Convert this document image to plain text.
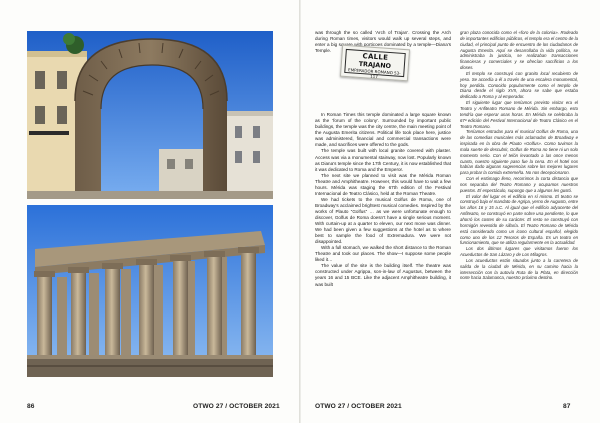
86	OTWO 27 / OCTOBER 2021

was through the so called ‘Arch of Trajan’. Crossing the Arch during Roman times, visitors would walk up several steps, and enter a big square with porticoes dominated by a temple—Diana’s Temple.

In Roman Times this temple dominated a large square known as the ‘forum of the colony’. Surrounded by important public buildings, the temple was the city centre, the main meeting point of the Augusta Emerita citizens. Political life took place here, justice was administered, financial and commercial transactions were made, and sacrifices were offered to the gods.

The temple was built with local granite covered with plaster. Access was via a monumental stairway, now lost. Popularly known as Diana’s temple since the 17th Century, it is now established that it was dedicated to Roma and the Emperor.

The next site we planned to visit was the Mérida Roman Theatre and Amphitheatre. However, this would have to wait a few hours. Mérida was staging the 67th edition of the Festival Internacional de Teatro Clásico, held at the Roman Theatre.

We had tickets to the musical Golfus de Roma, one of Broadway’s acclaimed brightest musical comedies. Inspired by the works of Plauto “Golfus” … as we were unfortunate enough to discover, Golfus de Roma doesn’t have a single serious moment. With curtain-up at a quarter to eleven, our next move was dinner. We had been given a few suggestions at the hotel as to where best to sample the food of Extremadura. We were not disappointed.

With a full stomach, we walked the short distance to the Roman Theatre and took our places. The show—I suppose some people liked it…

The value of the site is the building itself. The theatre was constructed under Agrippa, son-in-law of Augustus, between the years 16 and 15 BCE. Like the adjacent Amphitheatre building, it was built

CALLE
TRAJANO
EMPERADOR ROMANO 53-117

gran plaza conocida como el «foro de la colonia». Rodeado de importantes edificios públicos, el templo era el centro de la ciudad, el principal punto de encuentro de los ciudadanos de Augusta Emerita. Aquí se desarrollaba la vida política, se administraba la justicia, se realizaban transacciones financieras y comerciales y se ofrecían sacrificios a los dioses.

El templo se construyó con granito local recubierto de yeso. Se accedía a él a través de una escalera monumental, hoy perdida. Conocido popularmente como el templo de Diana desde el siglo XVII, ahora se sabe que estaba dedicado a Roma y al emperador.

El siguiente lugar que teníamos previsto visitar era el Teatro y Anfiteatro Romano de Mérida. Sin embargo, esto tendría que esperar unas horas. En Mérida se celebraba la 67ª edición del Festival Internacional de Teatro Clásico en el Teatro Romano.

Teníamos entradas para el musical Golfus de Roma, una de las comedias musicales más aclamadas de Broadway e inspirada en la obra de Plauto «Golfus». Como tuvimos la mala suerte de descubrir, Golfus de Roma no tiene ni un solo momento serio. Con el telón levantado a las once menos cuarto, nuestro siguiente paso fue la cena. En el hotel nos habían dado algunas sugerencias sobre los mejores lugares para probar la comida extremeña. No nos decepcionaron.

Con el estómago lleno, recorrimos la corta distancia que nos separaba del Teatro Romano y ocupamos nuestros puestos. El espectáculo, supongo que a algunos les gustó.

El valor del lugar es el edificio en sí mismo. El teatro se construyó bajo el mandato de Agripa, yerno de Augusto, entre los años 16 y 15 a.C. Al igual que el edificio adyacente del Anfiteatro, se construyó en parte sobre una pendiente, lo que ahorró los costes de su carácter. El resto se construyó con hormigón revestido de sillaría. El Teatro Romano de Mérida está considerado como un icono cultural español, elegido como uno de los 12 Tesoros de España. Es un teatro en funcionamiento, que se utiliza regularmente en la actualidad.

Los dos últimos lugares que visitamos fueron los Acueductos de San Lázaro y de Los Milagros.

Los acueductos están situados junto a la carretera de salida de la ciudad de Mérida, en su camino hacia la intersección con la autovía Ruta de la Plata, en dirección norte hacia Salamanca, nuestro próximo destino.

OTWO 27 / OCTOBER 2021	87
